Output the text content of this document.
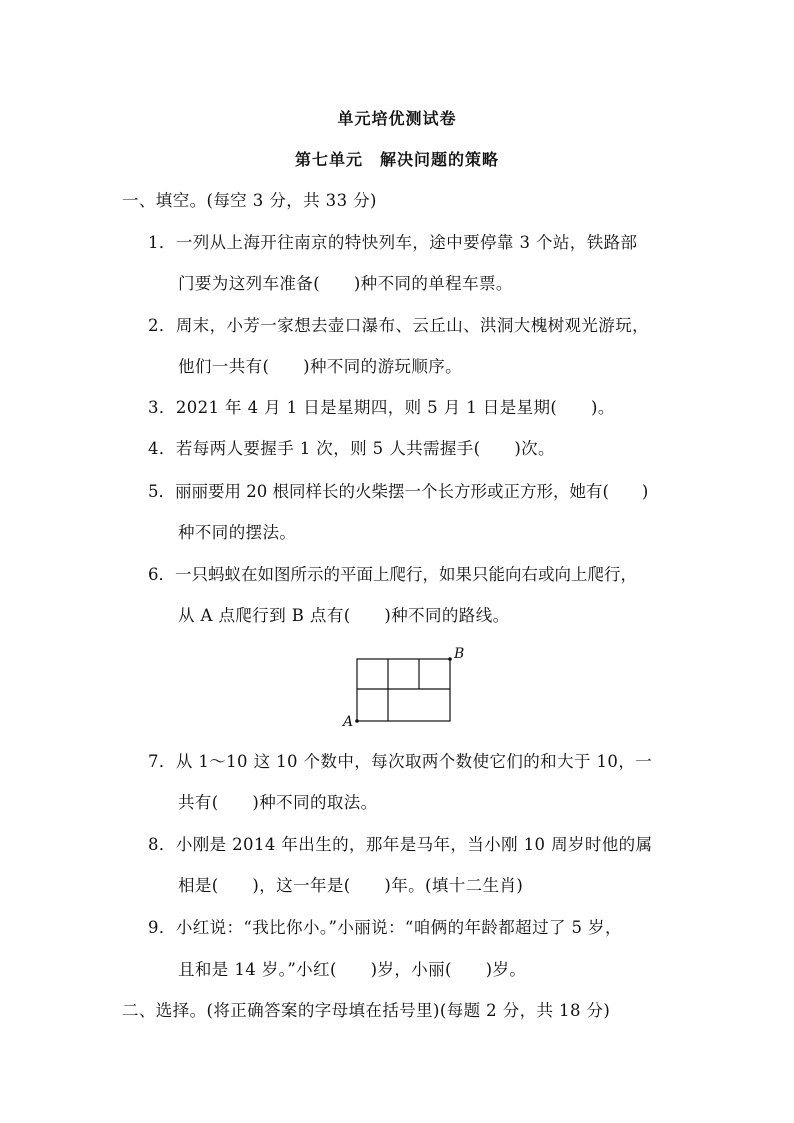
单元培优测试卷
第七单元　解决问题的策略
一、填空。(每空 3 分，共 33 分)
1．一列从上海开往南京的特快列车，途中要停靠 3 个站，铁路部
门要为这列车准备(　　)种不同的单程车票。
2．周末，小芳一家想去壶口瀑布、云丘山、洪洞大槐树观光游玩，
他们一共有(　　)种不同的游玩顺序。
3．2021 年 4 月 1 日是星期四，则 5 月 1 日是星期(　　)。
4．若每两人要握手 1 次，则 5 人共需握手(　　)次。
5．丽丽要用 20 根同样长的火柴摆一个长方形或正方形，她有(　　)
种不同的摆法。
6．一只蚂蚁在如图所示的平面上爬行，如果只能向右或向上爬行，
从 A 点爬行到 B 点有(　　)种不同的路线。
A
B
7．从 1～10 这 10 个数中，每次取两个数使它们的和大于 10，一
共有(　　)种不同的取法。
8．小刚是 2014 年出生的，那年是马年，当小刚 10 周岁时他的属
相是(　　)，这一年是(　　)年。(填十二生肖)
9．小红说：“我比你小。”小丽说：“咱俩的年龄都超过了 5 岁，
且和是 14 岁。”小红(　　)岁，小丽(　　)岁。
二、选择。(将正确答案的字母填在括号里)(每题 2 分，共 18 分)
